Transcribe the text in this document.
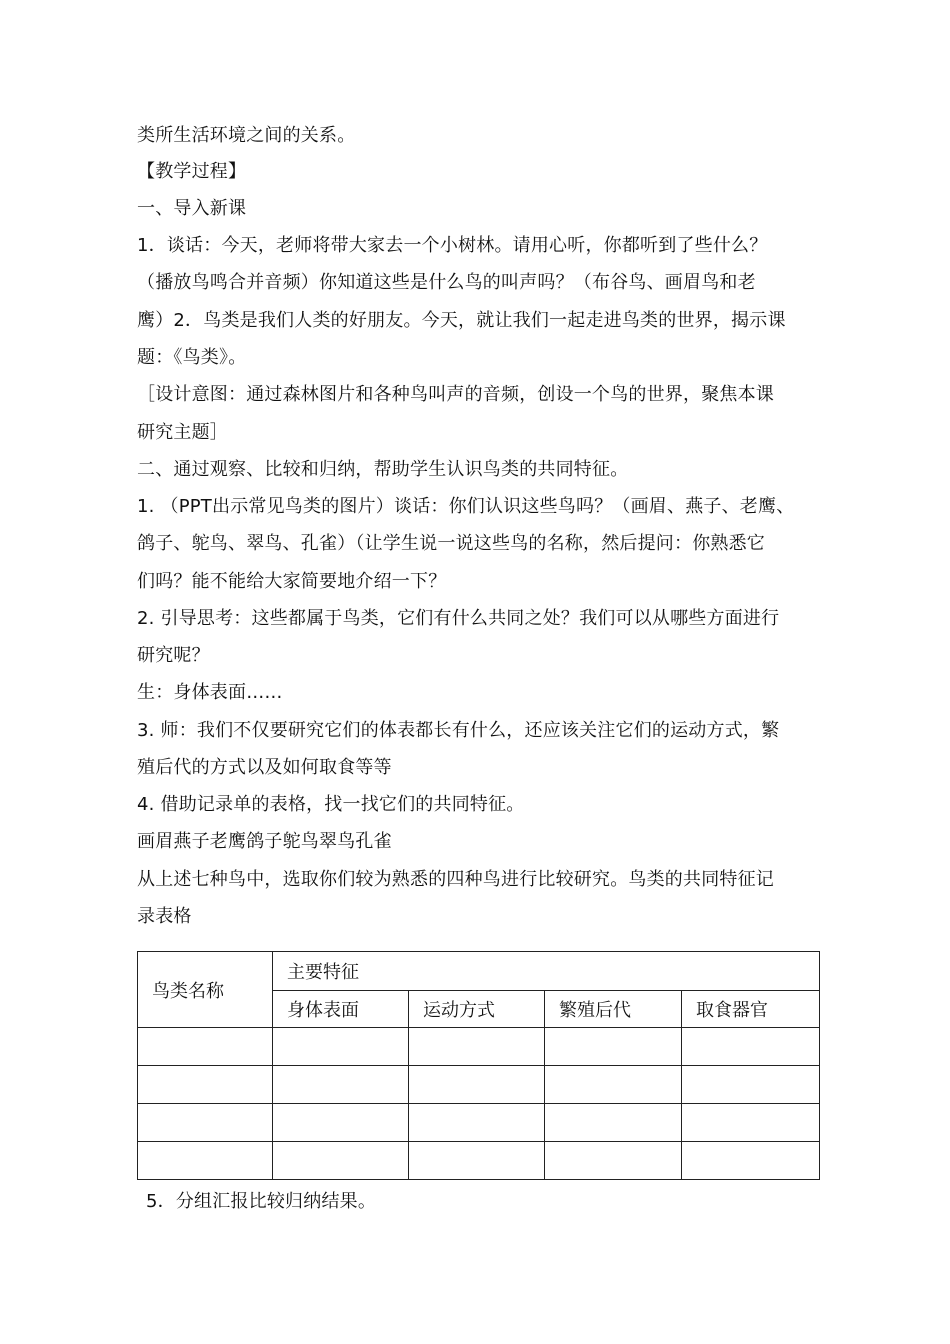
类所生活环境之间的关系。
【教学过程】
一、导入新课
1．谈话：今天，老师将带大家去一个小树林。请用心听，你都听到了些什么？
（播放鸟鸣合并音频）你知道这些是什么鸟的叫声吗？（布谷鸟、画眉鸟和老
鹰）2．鸟类是我们人类的好朋友。今天，就让我们一起走进鸟类的世界，揭示课
题：《鸟类》。
［设计意图：通过森林图片和各种鸟叫声的音频，创设一个鸟的世界，聚焦本课
研究主题］
二、通过观察、比较和归纳，帮助学生认识鸟类的共同特征。
1. （PPT出示常见鸟类的图片）谈话：你们认识这些鸟吗？（画眉、燕子、老鹰、
鸽子、鸵鸟、翠鸟、孔雀）（让学生说一说这些鸟的名称，然后提问：你熟悉它
们吗？能不能给大家简要地介绍一下？
2. 引导思考：这些都属于鸟类，它们有什么共同之处？我们可以从哪些方面进行
研究呢？
生：身体表面……
3. 师：我们不仅要研究它们的体表都长有什么，还应该关注它们的运动方式，繁
殖后代的方式以及如何取食等等
4. 借助记录单的表格，找一找它们的共同特征。
画眉燕子老鹰鸽子鸵鸟翠鸟孔雀
从上述七种鸟中，选取你们较为熟悉的四种鸟进行比较研究。鸟类的共同特征记
录表格
鸟类名称	主要特征			
	身体表面	运动方式	繁殖后代	取食器官

5．分组汇报比较归纳结果。
